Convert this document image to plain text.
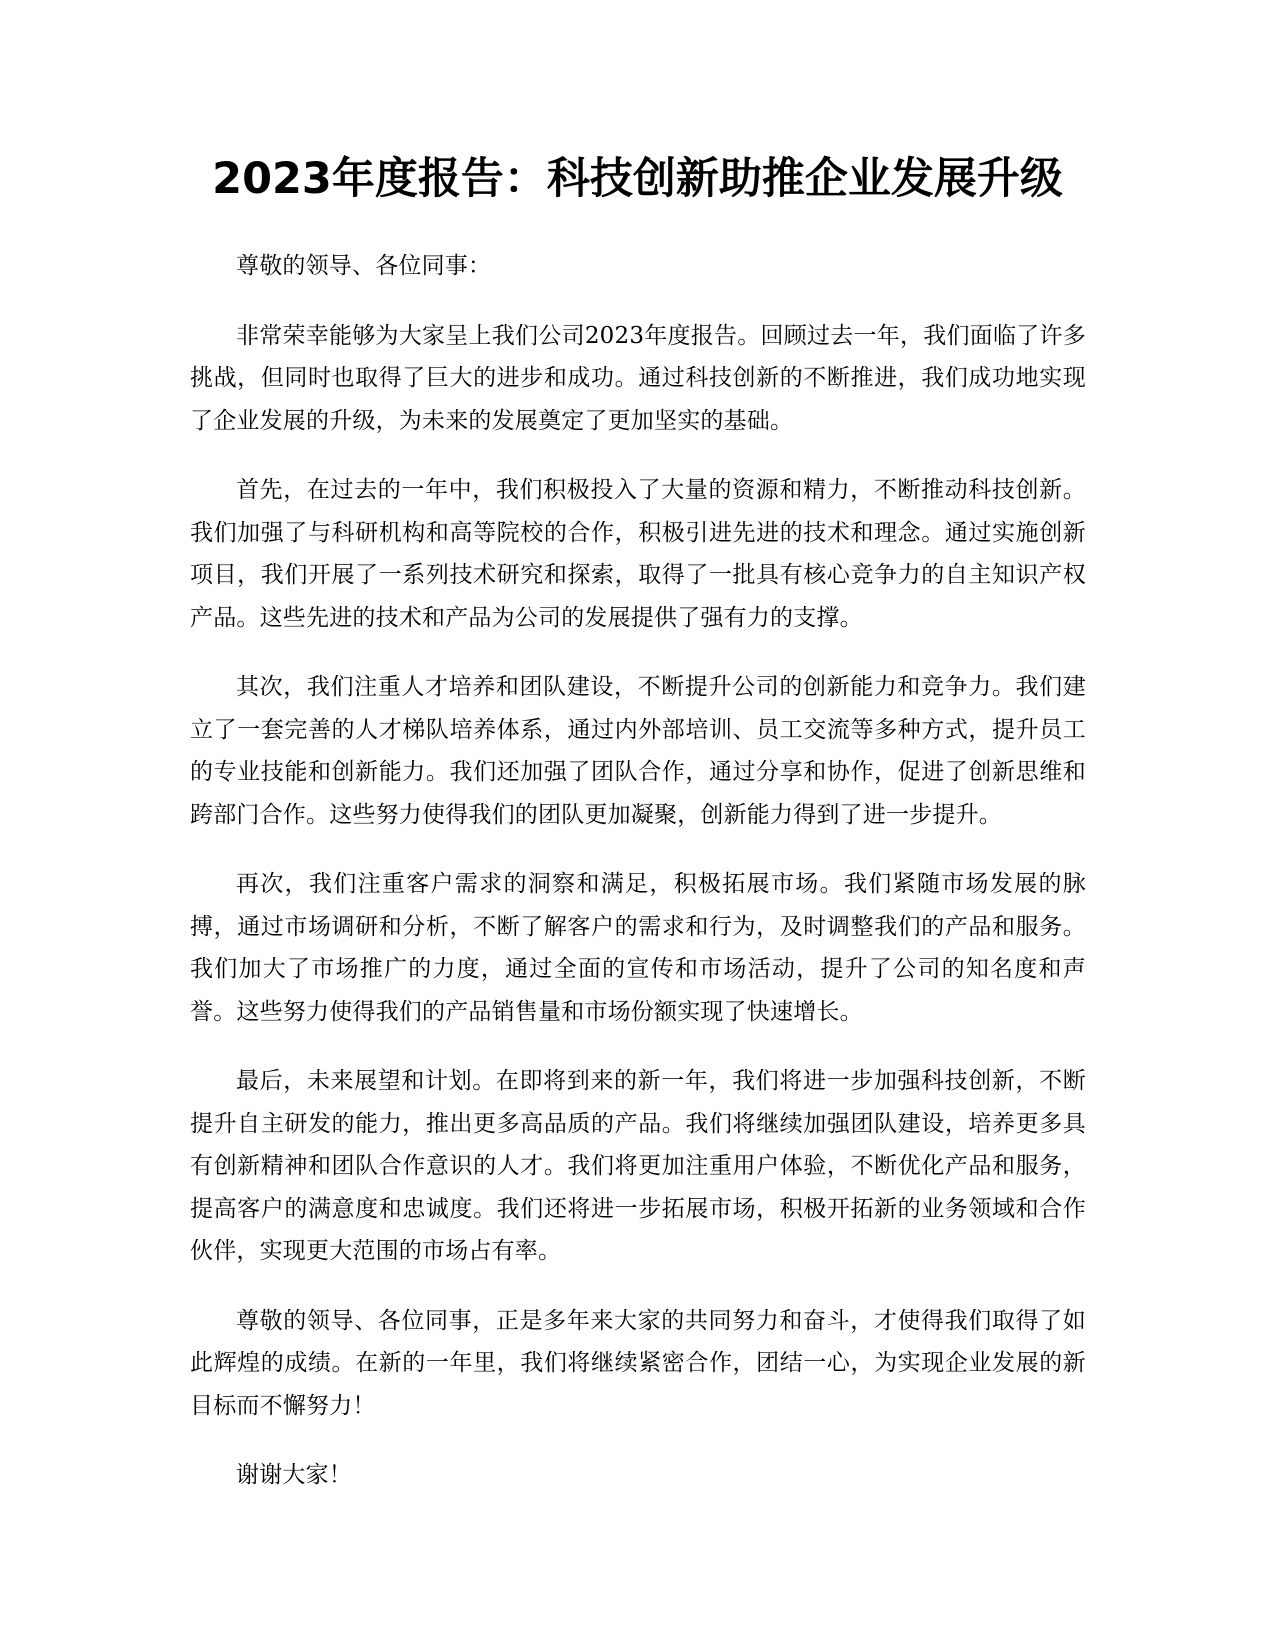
2023年度报告：科技创新助推企业发展升级

尊敬的领导、各位同事：

非常荣幸能够为大家呈上我们公司2023年度报告。回顾过去一年，我们面临了许多挑战，但同时也取得了巨大的进步和成功。通过科技创新的不断推进，我们成功地实现了企业发展的升级，为未来的发展奠定了更加坚实的基础。

首先，在过去的一年中，我们积极投入了大量的资源和精力，不断推动科技创新。我们加强了与科研机构和高等院校的合作，积极引进先进的技术和理念。通过实施创新项目，我们开展了一系列技术研究和探索，取得了一批具有核心竞争力的自主知识产权产品。这些先进的技术和产品为公司的发展提供了强有力的支撑。

其次，我们注重人才培养和团队建设，不断提升公司的创新能力和竞争力。我们建立了一套完善的人才梯队培养体系，通过内外部培训、员工交流等多种方式，提升员工的专业技能和创新能力。我们还加强了团队合作，通过分享和协作，促进了创新思维和跨部门合作。这些努力使得我们的团队更加凝聚，创新能力得到了进一步提升。

再次，我们注重客户需求的洞察和满足，积极拓展市场。我们紧随市场发展的脉搏，通过市场调研和分析，不断了解客户的需求和行为，及时调整我们的产品和服务。我们加大了市场推广的力度，通过全面的宣传和市场活动，提升了公司的知名度和声誉。这些努力使得我们的产品销售量和市场份额实现了快速增长。

最后，未来展望和计划。在即将到来的新一年，我们将进一步加强科技创新，不断提升自主研发的能力，推出更多高品质的产品。我们将继续加强团队建设，培养更多具有创新精神和团队合作意识的人才。我们将更加注重用户体验，不断优化产品和服务，提高客户的满意度和忠诚度。我们还将进一步拓展市场，积极开拓新的业务领域和合作伙伴，实现更大范围的市场占有率。

尊敬的领导、各位同事，正是多年来大家的共同努力和奋斗，才使得我们取得了如此辉煌的成绩。在新的一年里，我们将继续紧密合作，团结一心，为实现企业发展的新目标而不懈努力！

谢谢大家！
